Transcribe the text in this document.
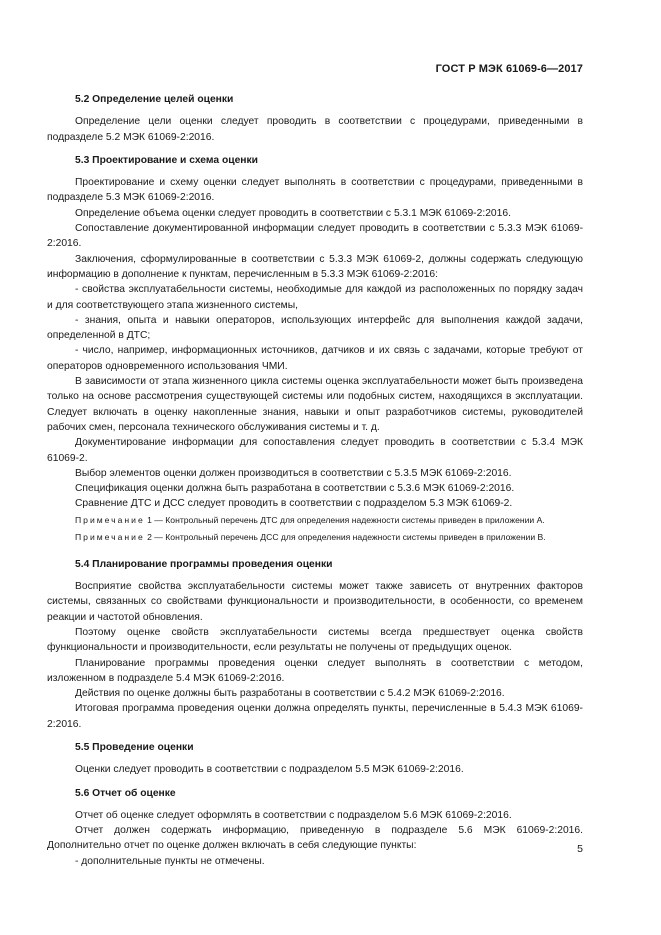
ГОСТ Р МЭК 61069-6—2017
5.2 Определение целей оценки

Определение цели оценки следует проводить в соответствии с процедурами, приведенными в подразделе 5.2 МЭК 61069-2:2016.

5.3 Проектирование и схема оценки

Проектирование и схему оценки следует выполнять в соответствии с процедурами, приведенными в подразделе 5.3 МЭК 61069-2:2016.

Определение объема оценки следует проводить в соответствии с 5.3.1 МЭК 61069-2:2016.

Сопоставление документированной информации следует проводить в соответствии с 5.3.3 МЭК 61069-2:2016.

Заключения, сформулированные в соответствии с 5.3.3 МЭК 61069-2, должны содержать следующую информацию в дополнение к пунктам, перечисленным в 5.3.3 МЭК 61069-2:2016:

- свойства эксплуатабельности системы, необходимые для каждой из расположенных по порядку задач и для соответствующего этапа жизненного системы,

- знания, опыта и навыки операторов, использующих интерфейс для выполнения каждой задачи, определенной в ДТС;

- число, например, информационных источников, датчиков и их связь с задачами, которые требуют от операторов одновременного использования ЧМИ.

В зависимости от этапа жизненного цикла системы оценка эксплуатабельности может быть произведена только на основе рассмотрения существующей системы или подобных систем, находящихся в эксплуатации. Следует включать в оценку накопленные знания, навыки и опыт разработчиков системы, руководителей рабочих смен, персонала технического обслуживания системы и т. д.

Документирование информации для сопоставления следует проводить в соответствии с 5.3.4 МЭК 61069-2.

Выбор элементов оценки должен производиться в соответствии с 5.3.5 МЭК 61069-2:2016.

Спецификация оценки должна быть разработана в соответствии с 5.3.6 МЭК 61069-2:2016.

Сравнение ДТС и ДСС следует проводить в соответствии с подразделом 5.3 МЭК 61069-2.

Примечание 1 — Контрольный перечень ДТС для определения надежности системы приведен в приложении А.

Примечание 2 — Контрольный перечень ДСС для определения надежности системы приведен в приложении В.

5.4 Планирование программы проведения оценки

Восприятие свойства эксплуатабельности системы может также зависеть от внутренних факторов системы, связанных со свойствами функциональности и производительности, в особенности, со временем реакции и частотой обновления.

Поэтому оценке свойств эксплуатабельности системы всегда предшествует оценка свойств функциональности и производительности, если результаты не получены от предыдущих оценок.

Планирование программы проведения оценки следует выполнять в соответствии с методом, изложенном в подразделе 5.4 МЭК 61069-2:2016.

Действия по оценке должны быть разработаны в соответствии с 5.4.2 МЭК 61069-2:2016.

Итоговая программа проведения оценки должна определять пункты, перечисленные в 5.4.3 МЭК 61069-2:2016.

5.5 Проведение оценки

Оценки следует проводить в соответствии с подразделом 5.5 МЭК 61069-2:2016.

5.6 Отчет об оценке

Отчет об оценке следует оформлять в соответствии с подразделом 5.6 МЭК 61069-2:2016.

Отчет должен содержать информацию, приведенную в подразделе 5.6 МЭК 61069-2:2016. Дополнительно отчет по оценке должен включать в себя следующие пункты:

- дополнительные пункты не отмечены.

5
